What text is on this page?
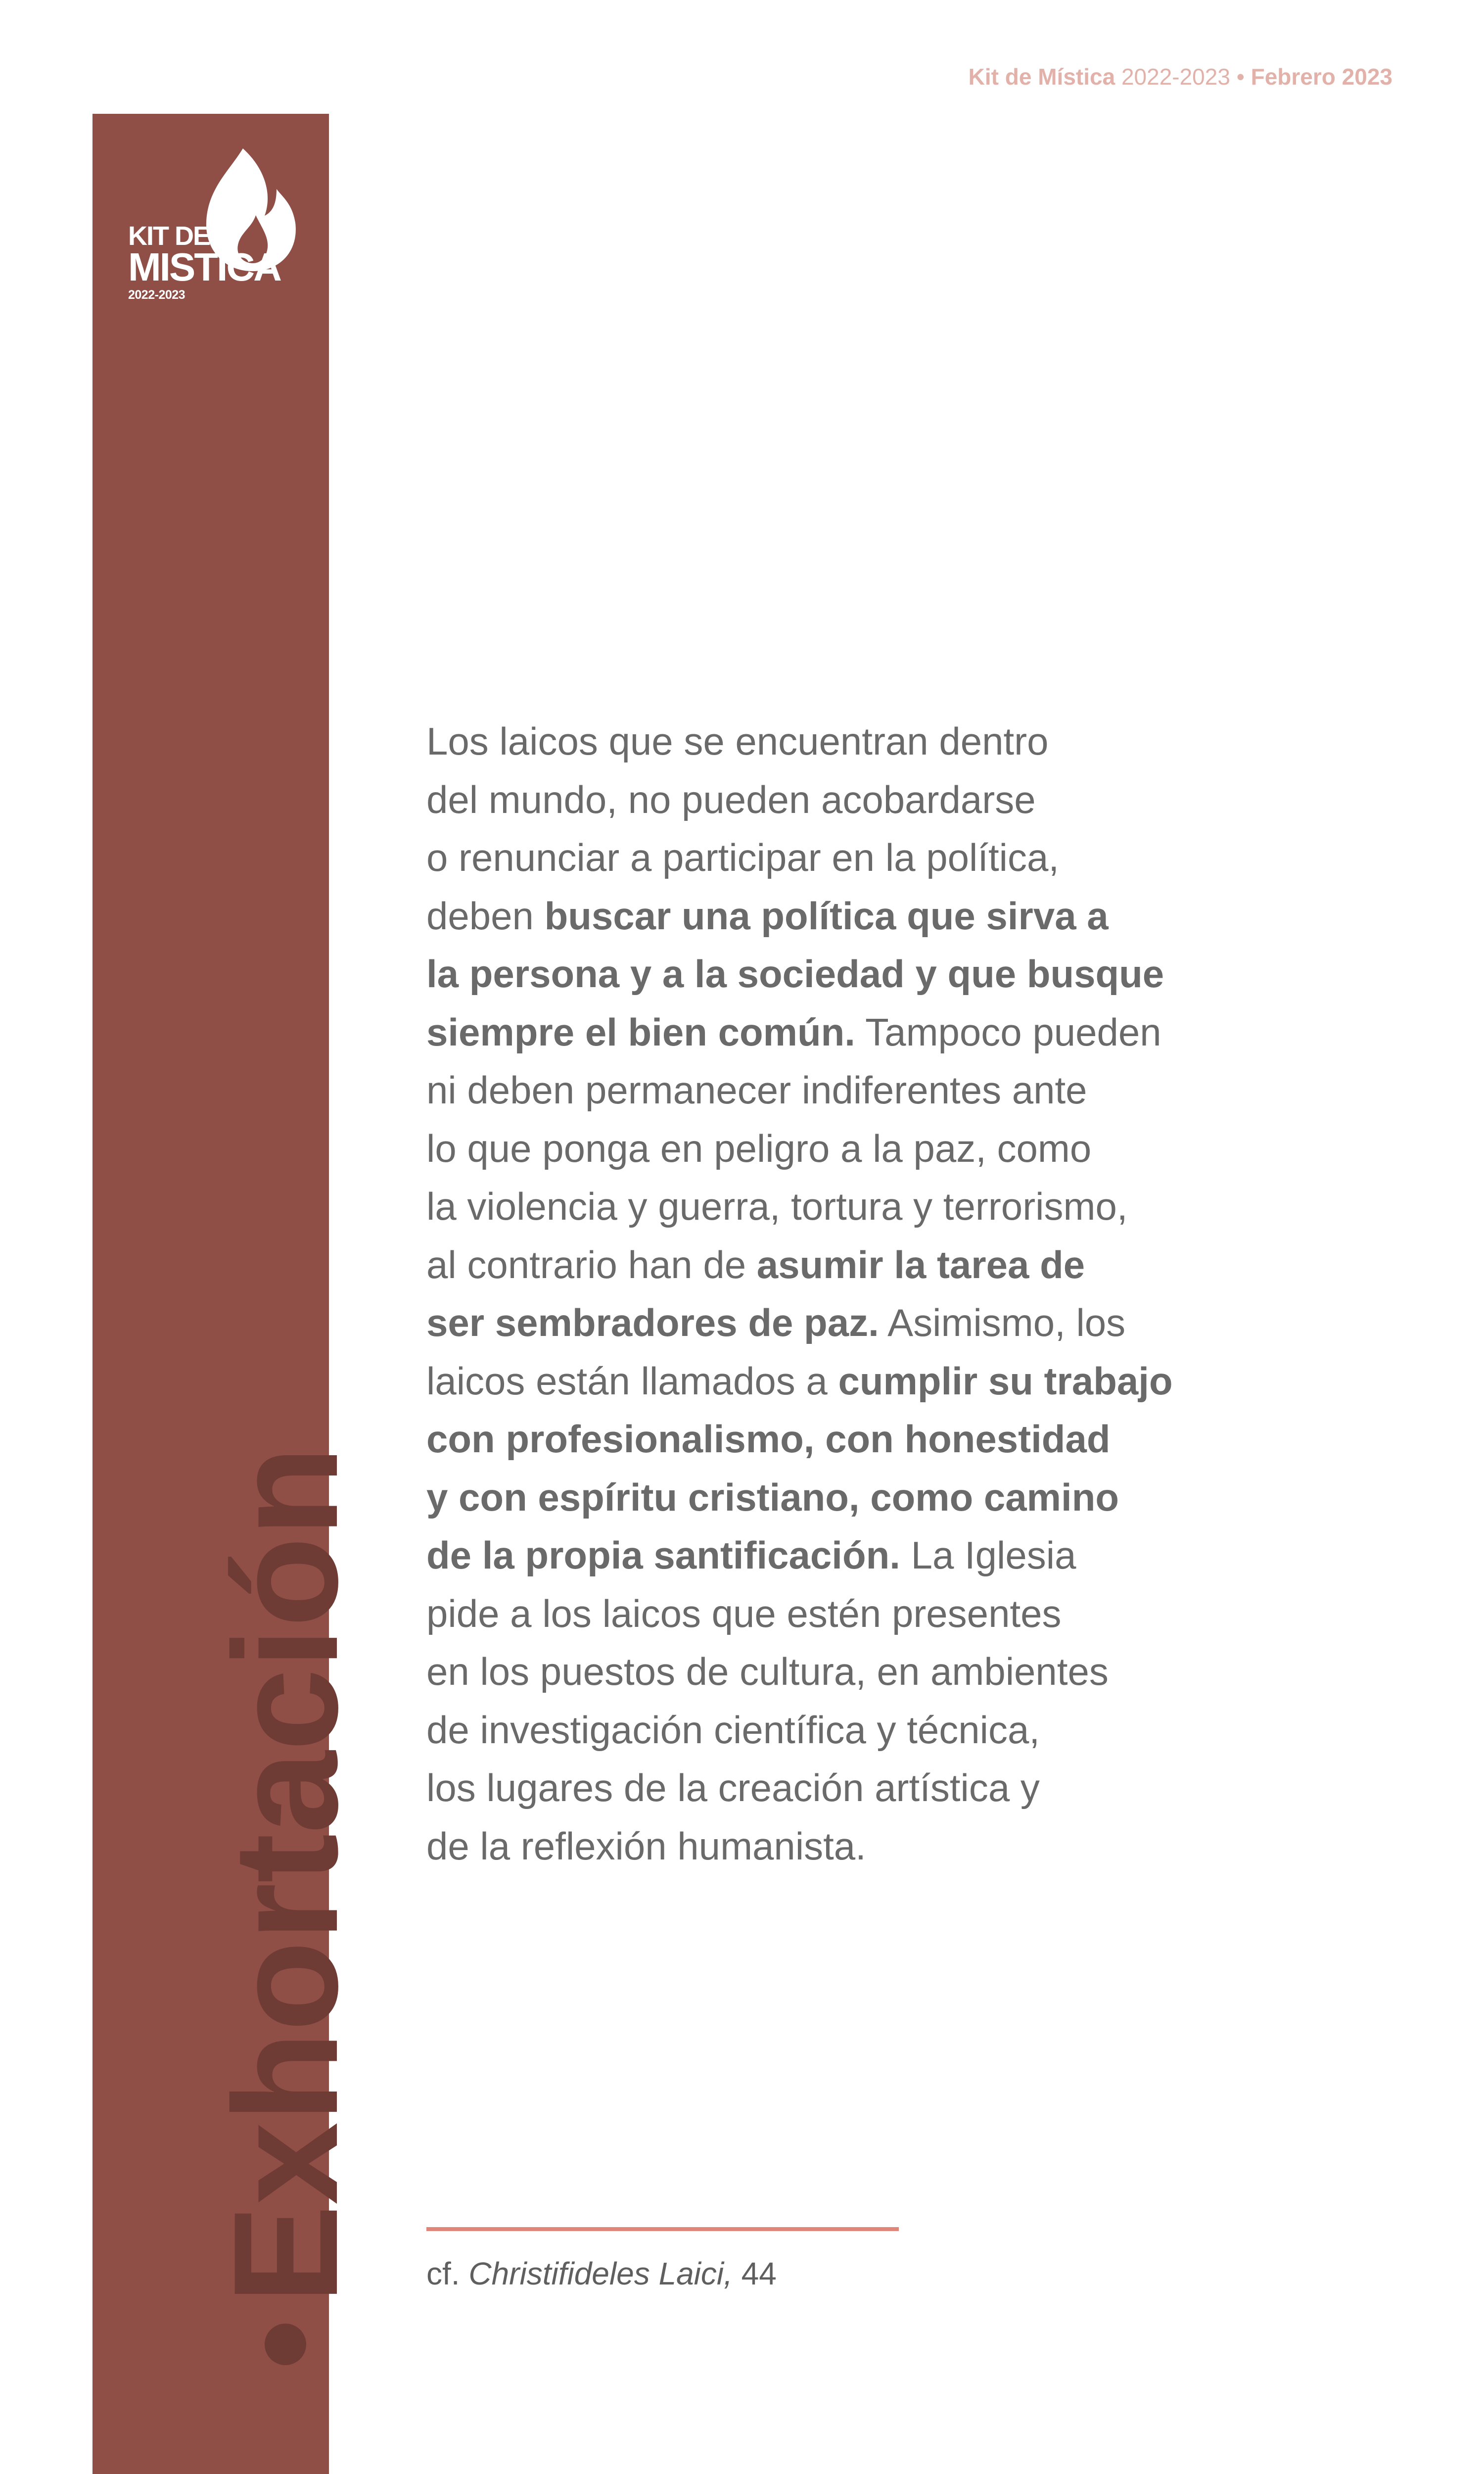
Kit de Mística 2022-2023 • Febrero 2023
KIT DE
MISTICA
2022-2023
Exhortación
Los laicos que se encuentran dentro
del mundo, no pueden acobardarse
o renunciar a participar en la política,
deben buscar una política que sirva a
la persona y a la sociedad y que busque
siempre el bien común. Tampoco pueden
ni deben permanecer indiferentes ante
lo que ponga en peligro a la paz, como
la violencia y guerra, tortura y terrorismo,
al contrario han de asumir la tarea de
ser sembradores de paz. Asimismo, los
laicos están llamados a cumplir su trabajo
con profesionalismo, con honestidad
y con espíritu cristiano, como camino
de la propia santificación. La Iglesia
pide a los laicos que estén presentes
en los puestos de cultura, en ambientes
de investigación científica y técnica,
los lugares de la creación artística y
de la reflexión humanista.
cf. Christifideles Laici, 44
